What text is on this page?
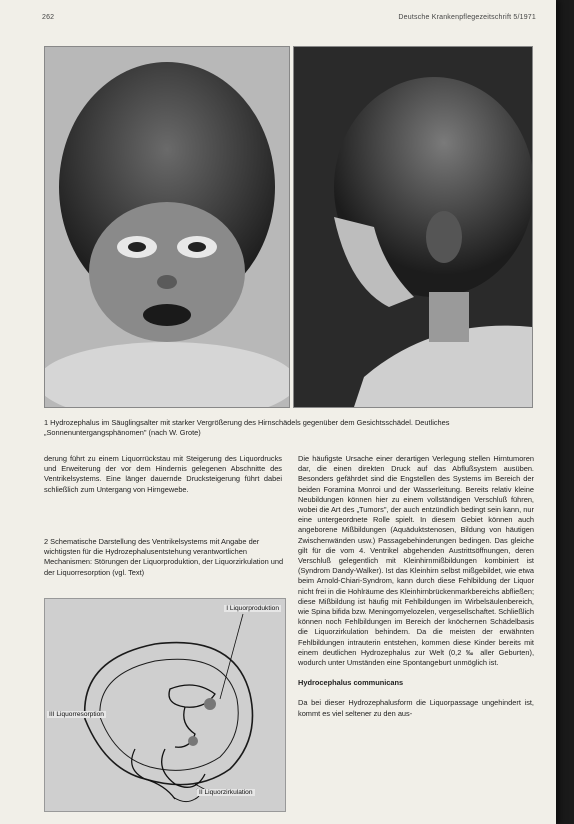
262	Deutsche Krankenpflegezeitschrift 5/1971
1 Hydrozephalus im Säuglingsalter mit starker Vergrößerung des Hirnschädels gegenüber dem Gesichtsschädel. Deutliches „Sonnenuntergangsphänomen" (nach W. Grote)

derung führt zu einem Liquorrückstau mit Steigerung des Liquordrucks und Erweiterung der vor dem Hindernis gelegenen Abschnitte des Ventrikelsystems. Eine länger dauernde Drucksteigerung führt dabei schließlich zum Untergang von Hirngewebe.

2 Schematische Darstellung des Ventrikelsystems mit Angabe der wichtigsten für die Hydrozephalusentstehung verantwortlichen Mechanismen: Störungen der Liquorproduktion, der Liquorzirkulation und der Liquorresorption (vgl. Text)
I Liquorproduktion
III Liquorresorption
II Liquorzirkulation

Die häufigste Ursache einer derartigen Verlegung stellen Hirntumoren dar, die einen direkten Druck auf das Abflußsystem ausüben. Besonders gefährdet sind die Engstellen des Systems im Bereich der beiden Foramina Monroi und der Wasserleitung. Bereits relativ kleine Neubildungen können hier zu einem vollständigen Verschluß führen, wobei die Art des „Tumors", der auch entzündlich bedingt sein kann, nur eine untergeordnete Rolle spielt. In diesem Gebiet können auch angeborene Mißbildungen (Aquäduktstenosen, Bildung von häutigen Zwischenwänden usw.) Passagebehinderungen bedingen. Das gleiche gilt für die vom 4. Ventrikel abgehenden Austrittsöffnungen, deren Verschluß gelegentlich mit Kleinhirnmißbildungen kombiniert ist (Syndrom Dandy-Walker). Ist das Kleinhirn selbst mißgebildet, wie etwa beim Arnold-Chiari-Syndrom, kann durch diese Fehlbildung der Liquor nicht frei in die Hohlräume des Kleinhirnbrückenmarkbereichs abfließen; diese Mißbildung ist häufig mit Fehlbildungen im Wirbelsäulenbereich, wie Spina bifida bzw. Meningomyelozelen, vergesellschaftet. Schließlich können noch Fehlbildungen im Bereich der knöchernen Schädelbasis die Liquorzirkulation behindern. Da die meisten der erwähnten Fehlbildungen intrauterin entstehen, kommen diese Kinder bereits mit einem deutlichen Hydrozephalus zur Welt (0,2 ‰ aller Geburten), wodurch unter Umständen eine Spontangeburt unmöglich ist.

Hydrocephalus communicans

Da bei dieser Hydrozephalusform die Liquorpassage ungehindert ist, kommt es viel seltener zu den aus-
